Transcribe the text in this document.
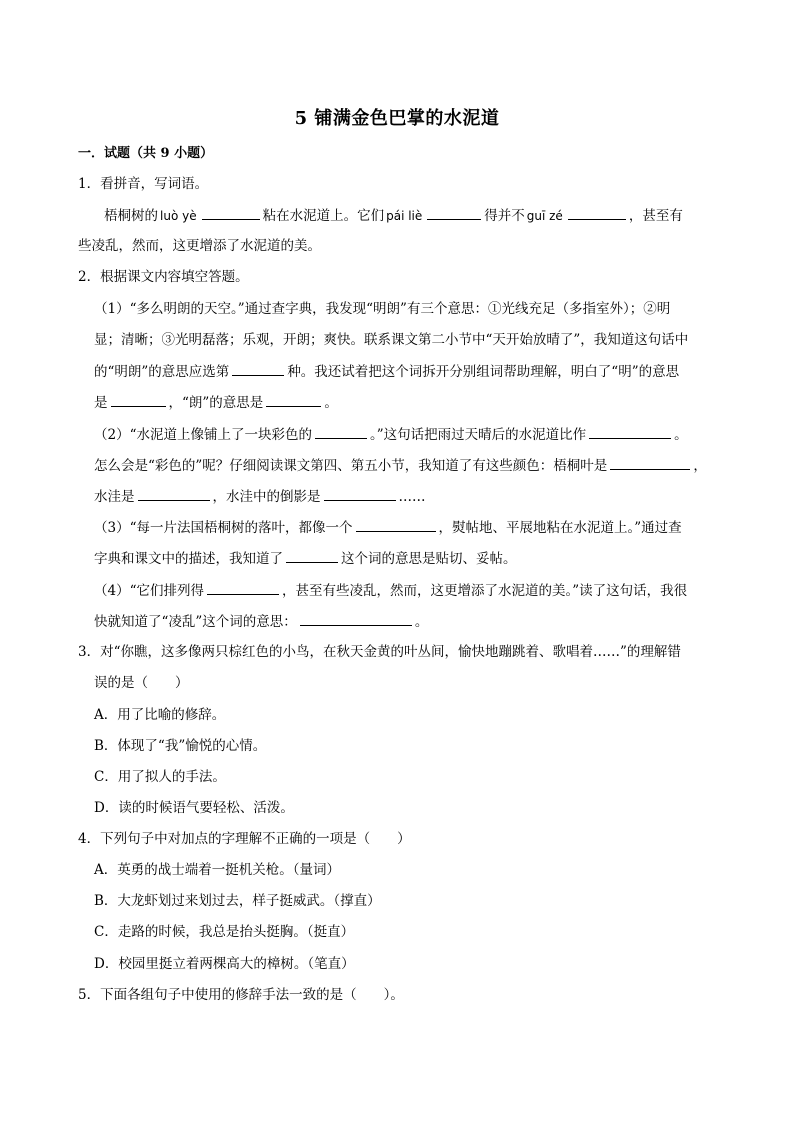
5 铺满金色巴掌的水泥道
一．试题（共 9 小题）
1．看拼音，写词语。
梧桐树的 luò yè	粘在水泥道上。它们 pái liè	得并不 guī zé	，甚至有
些凌乱，然而，这更增添了水泥道的美。
2．根据课文内容填空答题。
（1）“多么明朗的天空。”通过查字典，我发现“明朗”有三个意思：①光线充足（多指室外）；②明
显；清晰；③光明磊落；乐观，开朗；爽快。联系课文第二小节中“天开始放晴了”，我知道这句话中
的“明朗”的意思应选第	种。我还试着把这个词拆开分别组词帮助理解，明白了“明”的意思
是	，“朗”的意思是	。
（2）“水泥道上像铺上了一块彩色的	。”这句话把雨过天晴后的水泥道比作	。
怎么会是“彩色的”呢？仔细阅读课文第四、第五小节，我知道了有这些颜色：梧桐叶是	，
水洼是	，水洼中的倒影是	……
（3）“每一片法国梧桐树的落叶，都像一个	，熨帖地、平展地粘在水泥道上。”通过查
字典和课文中的描述，我知道了	这个词的意思是贴切、妥帖。
（4）“它们排列得	，甚至有些凌乱，然而，这更增添了水泥道的美。”读了这句话，我很
快就知道了“凌乱”这个词的意思：	。
3．对“你瞧，这多像两只棕红色的小鸟，在秋天金黄的叶丛间，愉快地蹦跳着、歌唱着……”的理解错
误的是（　　）
A．用了比喻的修辞。
B．体现了“我”愉悦的心情。
C．用了拟人的手法。
D．读的时候语气要轻松、活泼。
4．下列句子中对加点的字理解不正确的一项是（　　）
A．英勇的战士端着一挺机关枪。（量词）
B．大龙虾划过来划过去，样子挺威武。（撑直）
C．走路的时候，我总是抬头挺胸。（挺直）
D．校园里挺立着两棵高大的樟树。（笔直）
5．下面各组句子中使用的修辞手法一致的是（　　）。
